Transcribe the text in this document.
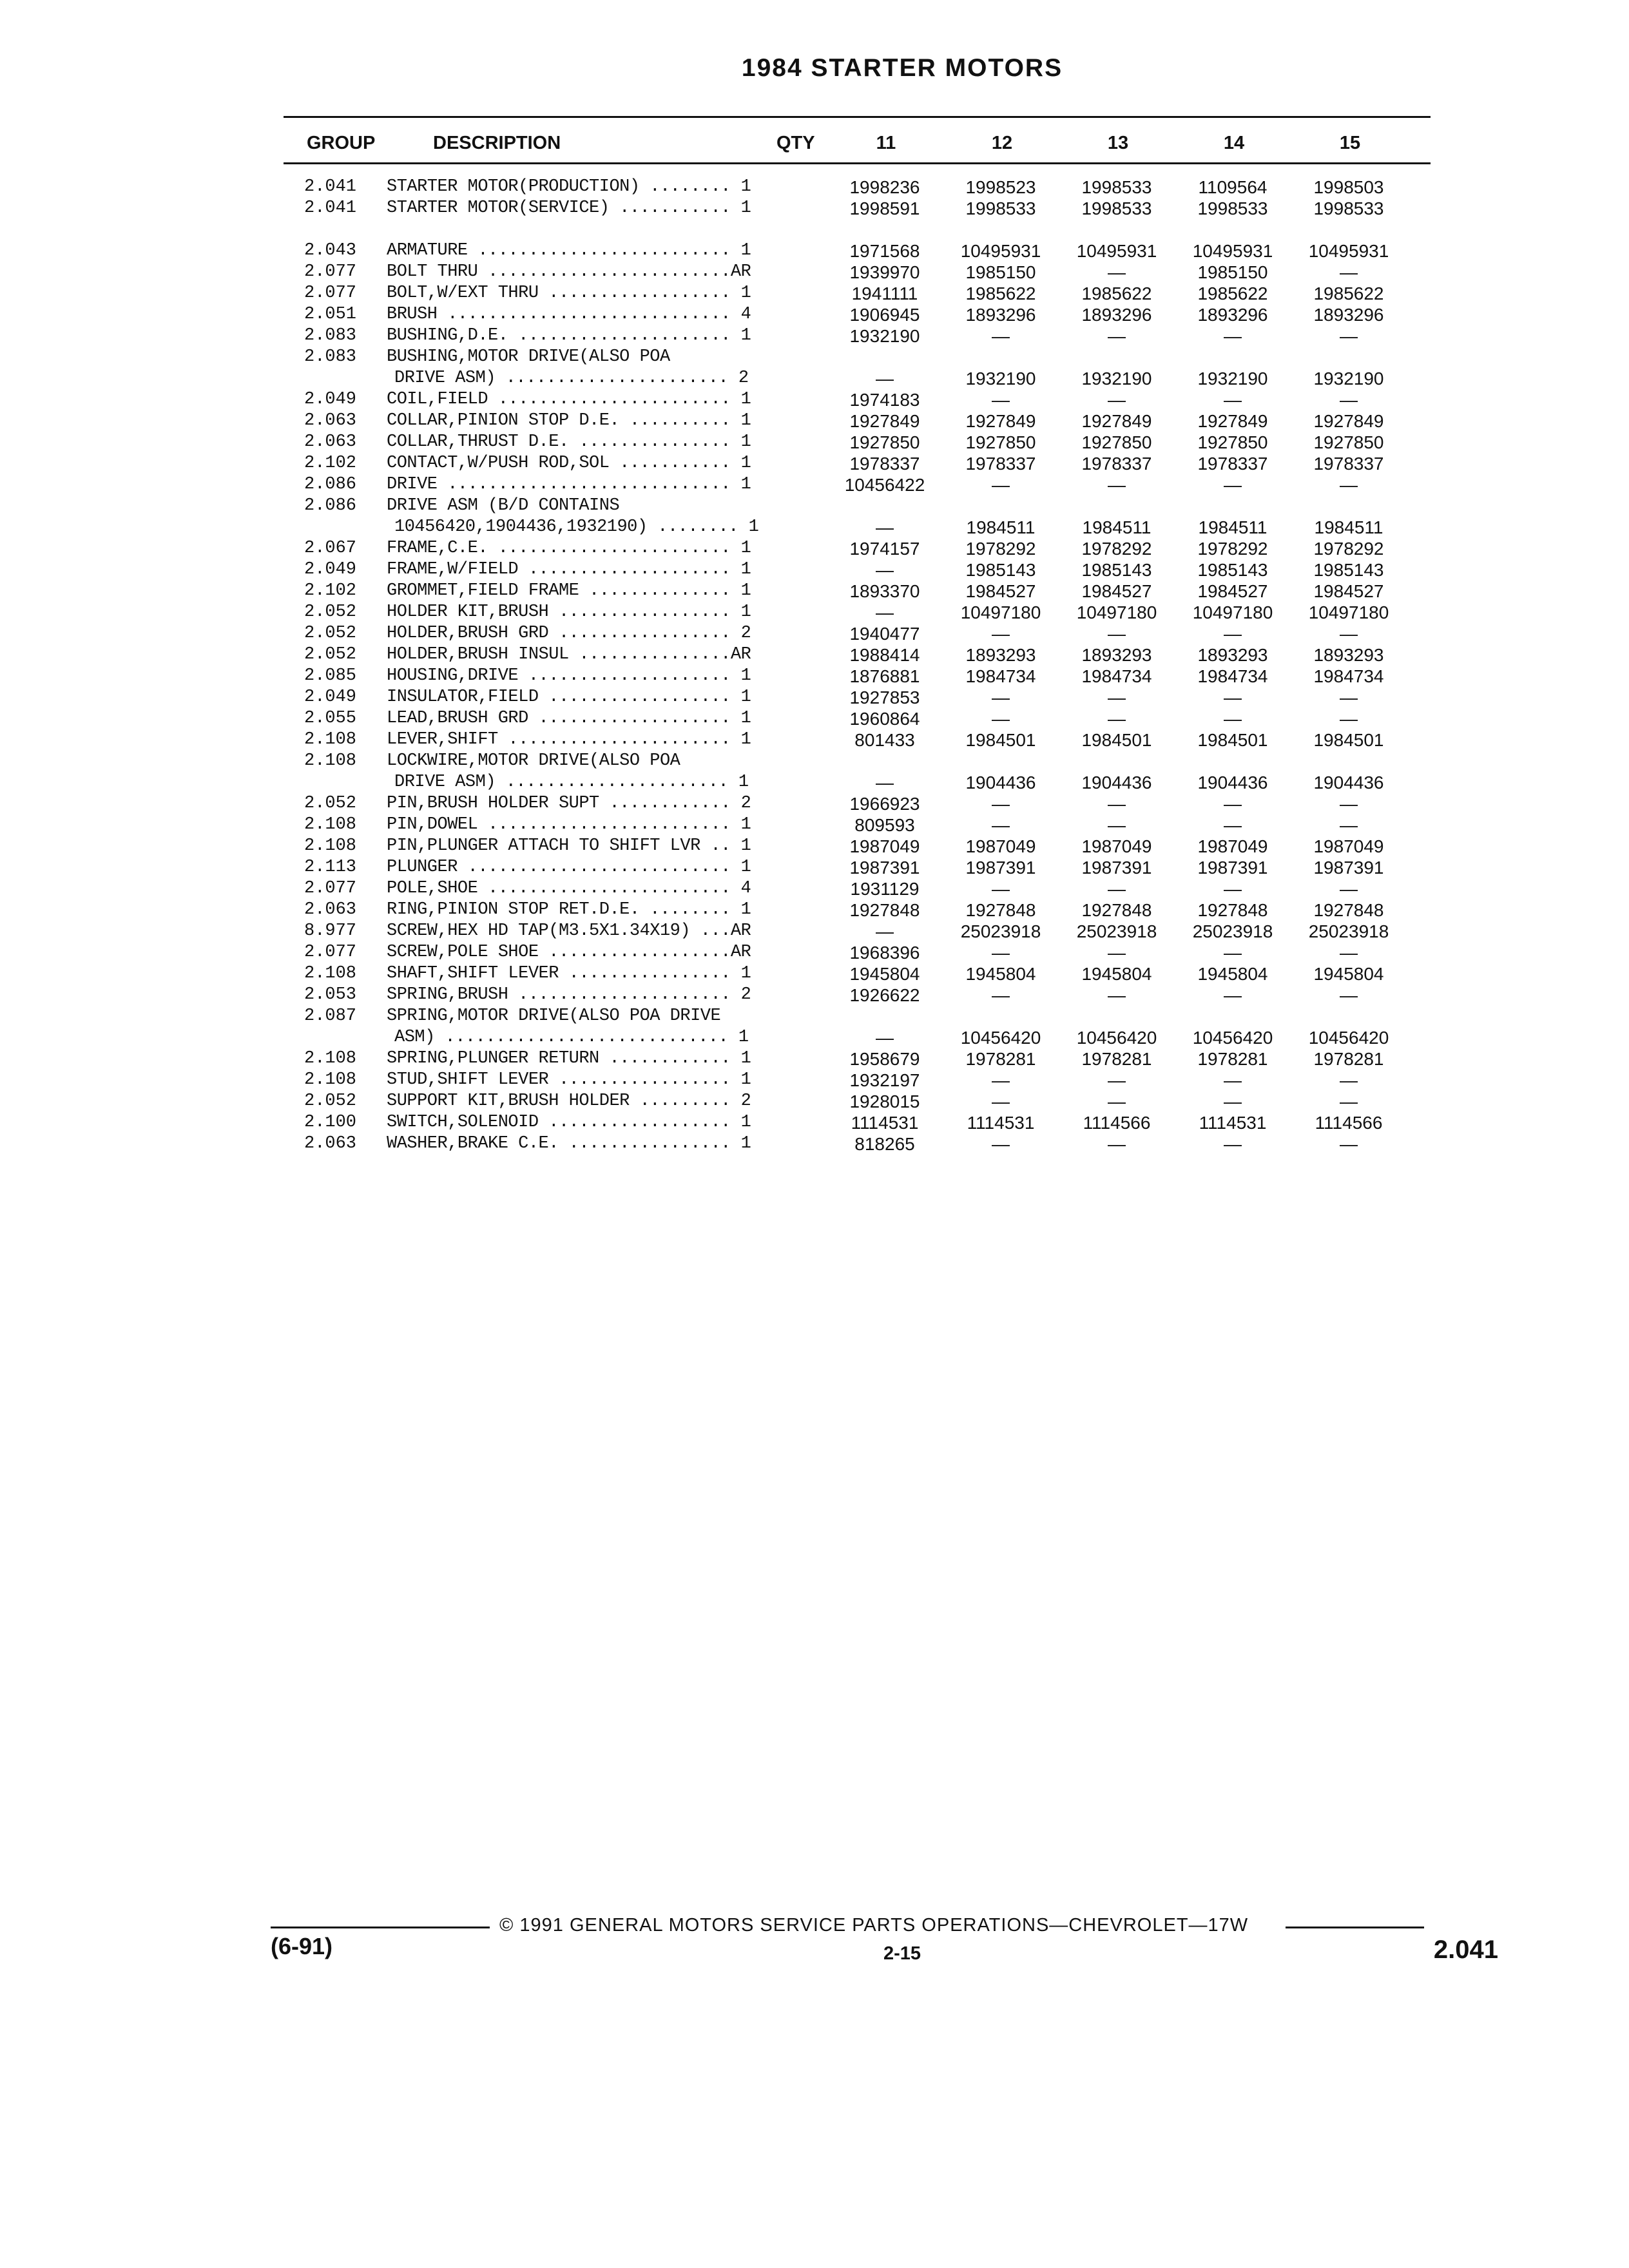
1984 STARTER MOTORS
GROUP	DESCRIPTION	QTY	11	12	13	14	15
2.041	STARTER MOTOR(PRODUCTION) ........ 1	1998236	1998523	1998533	1109564	1998503
2.041	STARTER MOTOR(SERVICE) ........... 1	1998591	1998533	1998533	1998533	1998533
2.043	ARMATURE ......................... 1	1971568	10495931	10495931	10495931	10495931
2.077	BOLT THRU ........................AR	1939970	1985150	—	1985150	—
2.077	BOLT,W/EXT THRU .................. 1	1941111	1985622	1985622	1985622	1985622
2.051	BRUSH ............................ 4	1906945	1893296	1893296	1893296	1893296
2.083	BUSHING,D.E. ..................... 1	1932190	—	—	—	—
2.083	BUSHING,MOTOR DRIVE(ALSO POA
DRIVE ASM) ...................... 2	—	1932190	1932190	1932190	1932190
2.049	COIL,FIELD ....................... 1	1974183	—	—	—	—
2.063	COLLAR,PINION STOP D.E. .......... 1	1927849	1927849	1927849	1927849	1927849
2.063	COLLAR,THRUST D.E. ............... 1	1927850	1927850	1927850	1927850	1927850
2.102	CONTACT,W/PUSH ROD,SOL ........... 1	1978337	1978337	1978337	1978337	1978337
2.086	DRIVE ............................ 1	10456422	—	—	—	—
2.086	DRIVE ASM (B/D CONTAINS
10456420,1904436,1932190) ........ 1	—	1984511	1984511	1984511	1984511
2.067	FRAME,C.E. ....................... 1	1974157	1978292	1978292	1978292	1978292
2.049	FRAME,W/FIELD .................... 1	—	1985143	1985143	1985143	1985143
2.102	GROMMET,FIELD FRAME .............. 1	1893370	1984527	1984527	1984527	1984527
2.052	HOLDER KIT,BRUSH ................. 1	—	10497180	10497180	10497180	10497180
2.052	HOLDER,BRUSH GRD ................. 2	1940477	—	—	—	—
2.052	HOLDER,BRUSH INSUL ...............AR	1988414	1893293	1893293	1893293	1893293
2.085	HOUSING,DRIVE .................... 1	1876881	1984734	1984734	1984734	1984734
2.049	INSULATOR,FIELD .................. 1	1927853	—	—	—	—
2.055	LEAD,BRUSH GRD ................... 1	1960864	—	—	—	—
2.108	LEVER,SHIFT ...................... 1	801433	1984501	1984501	1984501	1984501
2.108	LOCKWIRE,MOTOR DRIVE(ALSO POA
DRIVE ASM) ...................... 1	—	1904436	1904436	1904436	1904436
2.052	PIN,BRUSH HOLDER SUPT ............ 2	1966923	—	—	—	—
2.108	PIN,DOWEL ........................ 1	809593	—	—	—	—
2.108	PIN,PLUNGER ATTACH TO SHIFT LVR .. 1	1987049	1987049	1987049	1987049	1987049
2.113	PLUNGER .......................... 1	1987391	1987391	1987391	1987391	1987391
2.077	POLE,SHOE ........................ 4	1931129	—	—	—	—
2.063	RING,PINION STOP RET.D.E. ........ 1	1927848	1927848	1927848	1927848	1927848
8.977	SCREW,HEX HD TAP(M3.5X1.34X19) ...AR	—	25023918	25023918	25023918	25023918
2.077	SCREW,POLE SHOE ..................AR	1968396	—	—	—	—
2.108	SHAFT,SHIFT LEVER ................ 1	1945804	1945804	1945804	1945804	1945804
2.053	SPRING,BRUSH ..................... 2	1926622	—	—	—	—
2.087	SPRING,MOTOR DRIVE(ALSO POA DRIVE
ASM) ............................ 1	—	10456420	10456420	10456420	10456420
2.108	SPRING,PLUNGER RETURN ............ 1	1958679	1978281	1978281	1978281	1978281
2.108	STUD,SHIFT LEVER ................. 1	1932197	—	—	—	—
2.052	SUPPORT KIT,BRUSH HOLDER ......... 2	1928015	—	—	—	—
2.100	SWITCH,SOLENOID .................. 1	1114531	1114531	1114566	1114531	1114566
2.063	WASHER,BRAKE C.E. ................ 1	818265	—	—	—	—
© 1991 GENERAL MOTORS SERVICE PARTS OPERATIONS—CHEVROLET—17W
(6-91)	2-15	2.041
